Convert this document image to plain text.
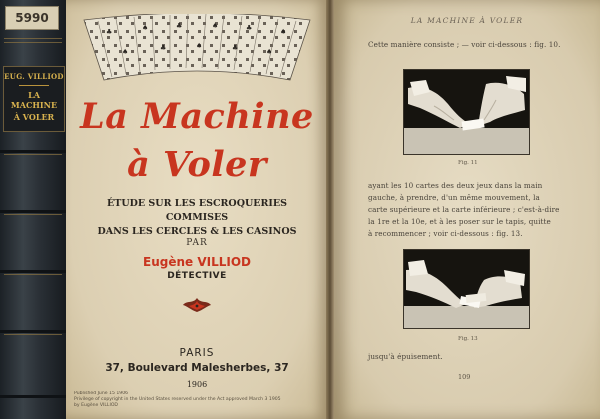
5990
EUG. VILLIOD
LA MACHINE
À VOLER
♣	♠	♣	♠	♣	♠
♠	♣	♠	♣	♠
La Machine
à Voler
ÉTUDE SUR LES ESCROQUERIES COMMISES
DANS LES CERCLES & LES CASINOS
PAR
Eugène VILLIOD
DÉTECTIVE
PARIS
37, Boulevard Malesherbes, 37
1906
Published June 15 1906
Privilege of copyright in the United States reserved under the Act approved March 3 1905
by Eugène VILLIOD
LA MACHINE À VOLER
Cette manière consiste ; — voir ci-dessous : fig. 10.
Fig. 11
ayant les 10 cartes des deux jeux dans la main
gauche, à prendre, d'un même mouvement, la
carte supérieure et la carte inférieure ; c'est-à-dire
la 1re et la 10e, et à les poser sur le tapis, quitte
à recommencer ; voir ci-dessous : fig. 13.
Fig. 13
jusqu'à épuisement.
109
